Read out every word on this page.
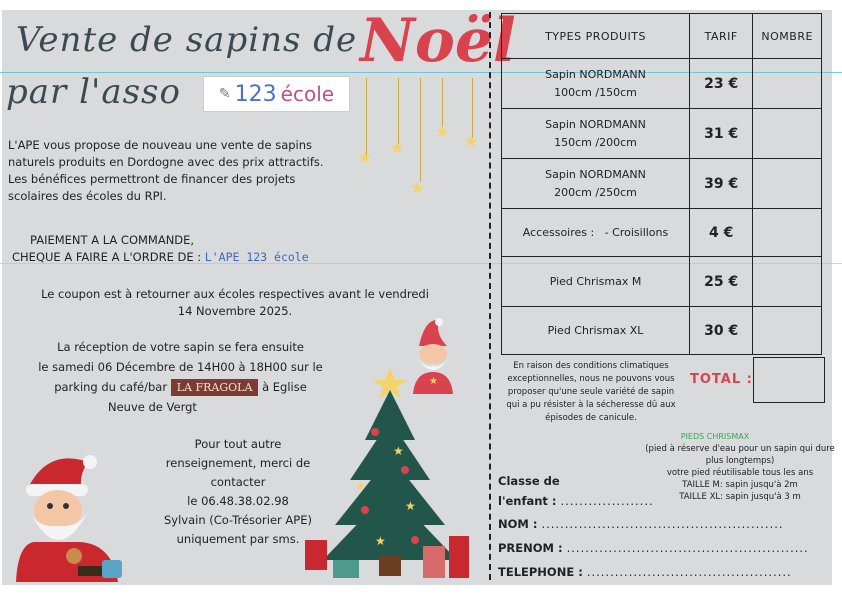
Vente de sapins de
par l'asso
Noël
✎ 123 école
★
★
★
★
★
L'APE vous propose de nouveau une vente de sapins naturels produits en Dordogne avec des prix attractifs. Les bénéfices permettront de financer des projets scolaires des écoles du RPI.
PAIEMENT A LA COMMANDE,
CHEQUE A FAIRE A L'ORDRE DE : L'APE 123 école
Le coupon est à retourner aux écoles respectives avant le vendredi 14 Novembre 2025.
La réception de votre sapin se fera ensuite
le samedi 06 Décembre de 14H00 à 18H00 sur le
parking du café/bar LA FRAGOLA à Eglise
Neuve de Vergt
Pour tout autre
renseignement, merci de
contacter
le 06.48.38.02.98
Sylvain (Co-Trésorier APE)
uniquement par sms.
★
★
★
★
★
TYPES PRODUITS	TARIF	NOMBRE

Sapin NORDMANN
100cm /150cm	23 €	

Sapin NORDMANN
150cm /200cm	31 €	

Sapin NORDMANN
200cm /250cm	39 €	
Accessoires :   - Croisillons	4 €	
Pied Chrismax M	25 €	
Pied Chrismax XL	30 €	
En raison des conditions climatiques exceptionnelles, nous ne pouvons vous proposer qu'une seule variété de sapin qui a pu résister à la sécheresse dû aux épisodes de canicule.
TOTAL :
PIEDS CHRISMAX
(pied à réserve d'eau pour un sapin qui dure plus longtemps)
votre pied réutilisable tous les ans
TAILLE M: sapin jusqu'à 2m
TAILLE XL: sapin jusqu'à 3 m
Classe de
l'enfant : ....................
NOM : ....................................................
PRENOM : ....................................................
TELEPHONE : ............................................
